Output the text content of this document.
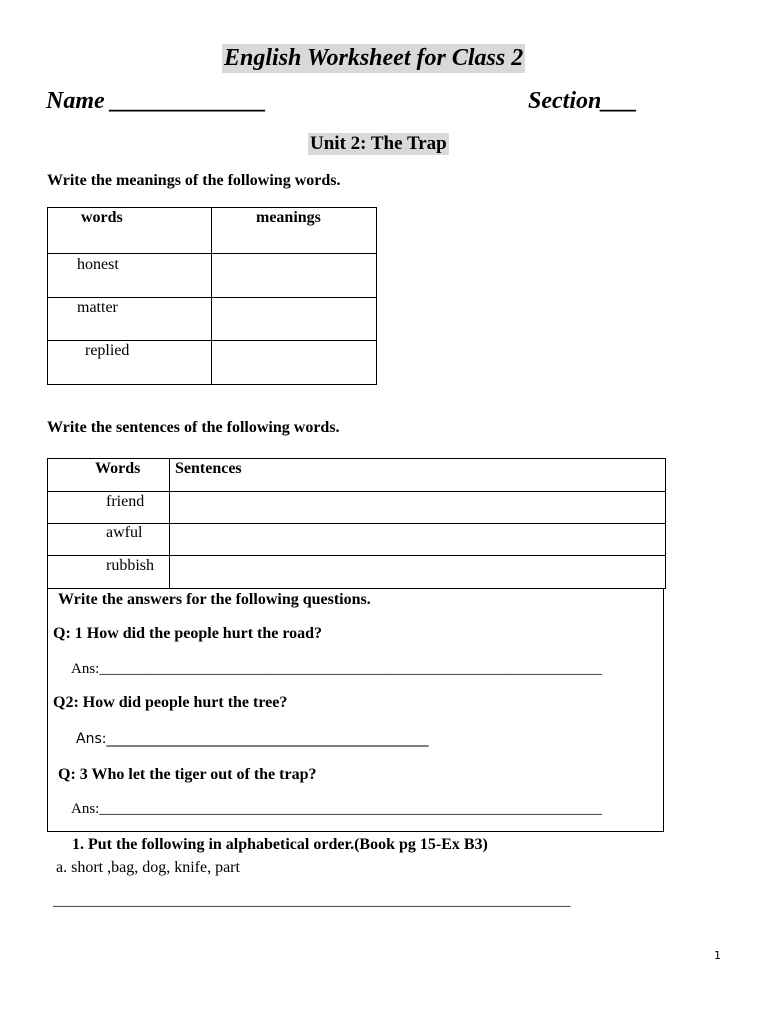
English Worksheet for Class 2
Name _____________	Section___
Unit 2: The Trap
Write the meanings of the following words.
words	meanings

honest	

matter	

replied	

Write the sentences of the following words.
Words	Sentences

friend	

awful	

rubbish	

Write the answers for the following questions.
Q: 1 How did the people hurt the road?
Ans:___________________________________________________________________
Q2: How did people hurt the tree?
Ans:______________________________________________
Q: 3 Who let the tiger out of the trap?
Ans:___________________________________________________________________
1. Put the following in alphabetical order.(Book pg 15-Ex B3)
a. short ,bag, dog, knife, part
_____________________________________________________________________
1
